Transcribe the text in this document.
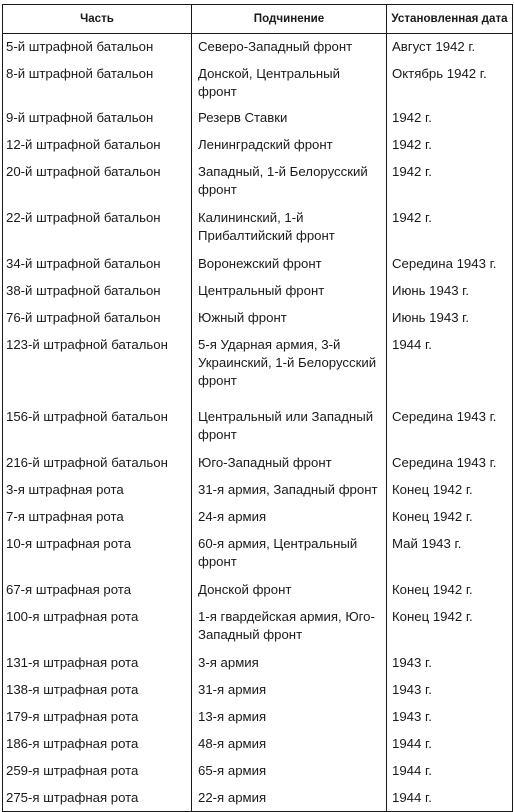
Часть	Подчинение	Установленная дата
5-й штрафной батальон	Северо-Западный фронт	Август 1942 г.
8-й штрафной батальон	Донской, Центральный фронт	Октябрь 1942 г.
9-й штрафной батальон	Резерв Ставки	1942 г.
12-й штрафной батальон	Ленинградский фронт	1942 г.
20-й штрафной батальон	Западный, 1-й Белорусский фронт	1942 г.
22-й штрафной батальон	Калининский, 1-й Прибалтийский фронт	1942 г.
34-й штрафной батальон	Воронежский фронт	Середина 1943 г.
38-й штрафной батальон	Центральный фронт	Июнь 1943 г.
76-й штрафной батальон	Южный фронт	Июнь 1943 г.
123-й штрафной батальон	5-я Ударная армия, 3-й Украинский, 1-й Белорусский фронт	1944 г.
156-й штрафной батальон	Центральный или Западный фронт	Середина 1943 г.
216-й штрафной батальон	Юго-Западный фронт	Середина 1943 г.
3-я штрафная рота	31-я армия, Западный фронт	Конец 1942 г.
7-я штрафная рота	24-я армия	Конец 1942 г.
10-я штрафная рота	60-я армия, Центральный фронт	Май 1943 г.
67-я штрафная рота	Донской фронт	Конец 1942 г.
100-я штрафная рота	1-я гвардейская армия, Юго-Западный фронт	Конец 1942 г.
131-я штрафная рота	3-я армия	1943 г.
138-я штрафная рота	31-я армия	1943 г.
179-я штрафная рота	13-я армия	1943 г.
186-я штрафная рота	48-я армия	1944 г.
259-я штрафная рота	65-я армия	1944 г.
275-я штрафная рота	22-я армия	1944 г.
